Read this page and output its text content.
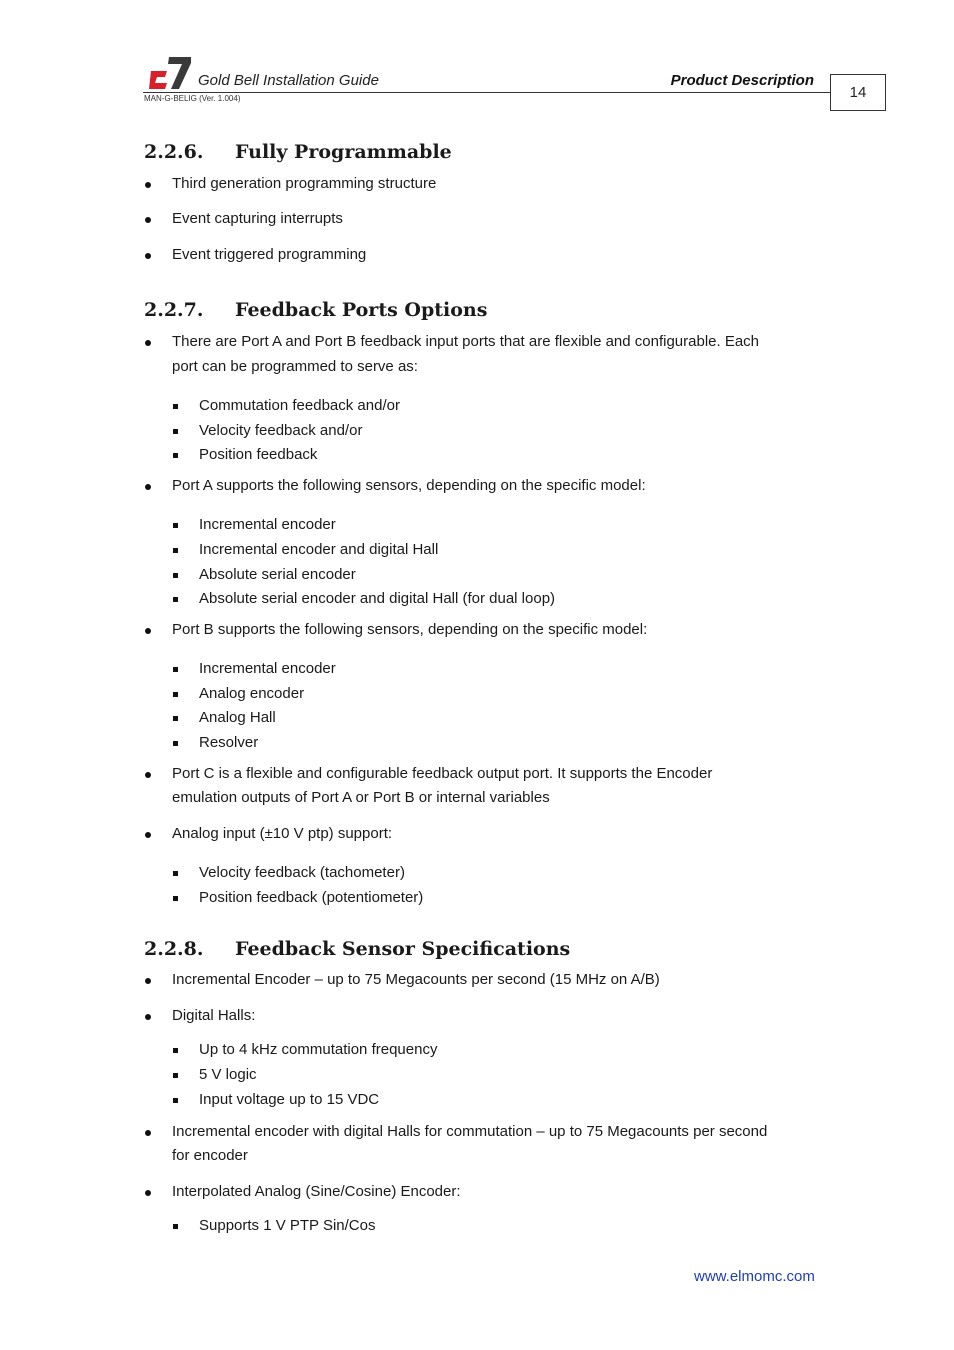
Gold Bell Installation Guide	Product Description
MAN-G-BELIG (Ver. 1.004)	14
2.2.6. Fully Programmable
Third generation programming structure
Event capturing interrupts
Event triggered programming
2.2.7. Feedback Ports Options
There are Port A and Port B feedback input ports that are flexible and configurable. Each
port can be programmed to serve as:
Commutation feedback and/or
Velocity feedback and/or
Position feedback
Port A supports the following sensors, depending on the specific model:
Incremental encoder
Incremental encoder and digital Hall
Absolute serial encoder
Absolute serial encoder and digital Hall (for dual loop)
Port B supports the following sensors, depending on the specific model:
Incremental encoder
Analog encoder
Analog Hall
Resolver
Port C is a flexible and configurable feedback output port. It supports the Encoder
emulation outputs of Port A or Port B or internal variables
Analog input (±10 V ptp) support:
Velocity feedback (tachometer)
Position feedback (potentiometer)
2.2.8. Feedback Sensor Specifications
Incremental Encoder – up to 75 Megacounts per second (15 MHz on A/B)
Digital Halls:
Up to 4 kHz commutation frequency
5 V logic
Input voltage up to 15 VDC
Incremental encoder with digital Halls for commutation – up to 75 Megacounts per second
for encoder
Interpolated Analog (Sine/Cosine) Encoder:
Supports 1 V PTP Sin/Cos
www.elmomc.com
